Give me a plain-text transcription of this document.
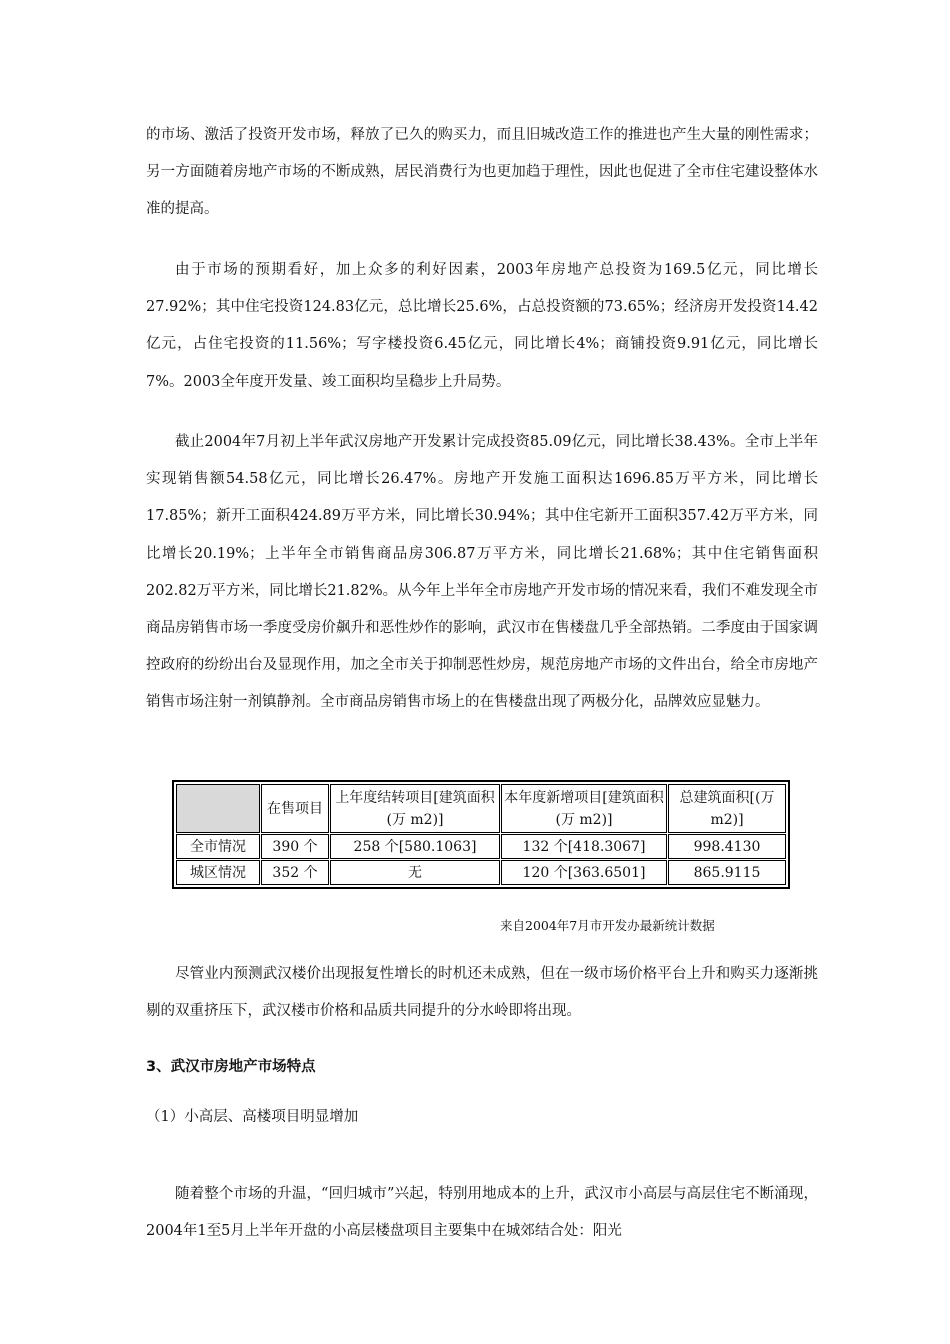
的市场、激活了投资开发市场，释放了已久的购买力，而且旧城改造工作的推进也产生大量的刚性需求；另一方面随着房地产市场的不断成熟，居民消费行为也更加趋于理性，因此也促进了全市住宅建设整体水准的提高。

由于市场的预期看好，加上众多的利好因素，2003年房地产总投资为169.5亿元，同比增长27.92%；其中住宅投资124.83亿元，总比增长25.6%，占总投资额的73.65%；经济房开发投资14.42亿元，占住宅投资的11.56%；写字楼投资6.45亿元，同比增长4%；商铺投资9.91亿元，同比增长7%。2003全年度开发量、竣工面积均呈稳步上升局势。

截止2004年7月初上半年武汉房地产开发累计完成投资85.09亿元，同比增长38.43%。全市上半年实现销售额54.58亿元，同比增长26.47%。房地产开发施工面积达1696.85万平方米，同比增长17.85%；新开工面积424.89万平方米，同比增长30.94%；其中住宅新开工面积357.42万平方米，同比增长20.19%；上半年全市销售商品房306.87万平方米，同比增长21.68%；其中住宅销售面积202.82万平方米，同比增长21.82%。从今年上半年全市房地产开发市场的情况来看，我们不难发现全市商品房销售市场一季度受房价飙升和恶性炒作的影响，武汉市在售楼盘几乎全部热销。二季度由于国家调控政府的纷纷出台及显现作用，加之全市关于抑制恶性炒房，规范房地产市场的文件出台，给全市房地产销售市场注射一剂镇静剂。全市商品房销售市场上的在售楼盘出现了两极分化，品牌效应显魅力。

	在售项目	上年度结转项目[建筑面积(万 m2)]	本年度新增项目[建筑面积(万 m2)]	总建筑面积[(万 m2)]
全市情况	390 个	258 个[580.1063]	132 个[418.3067]	998.4130
城区情况	352 个	无	120 个[363.6501]	865.9115
来自2004年7月市开发办最新统计数据

尽管业内预测武汉楼价出现报复性增长的时机还未成熟，但在一级市场价格平台上升和购买力逐渐挑剔的双重挤压下，武汉楼市价格和品质共同提升的分水岭即将出现。

3、武汉市房地产市场特点
（1）小高层、高楼项目明显增加

随着整个市场的升温，“回归城市”兴起，特别用地成本的上升，武汉市小高层与高层住宅不断涌现，2004年1至5月上半年开盘的小高层楼盘项目主要集中在城郊结合处：阳光
